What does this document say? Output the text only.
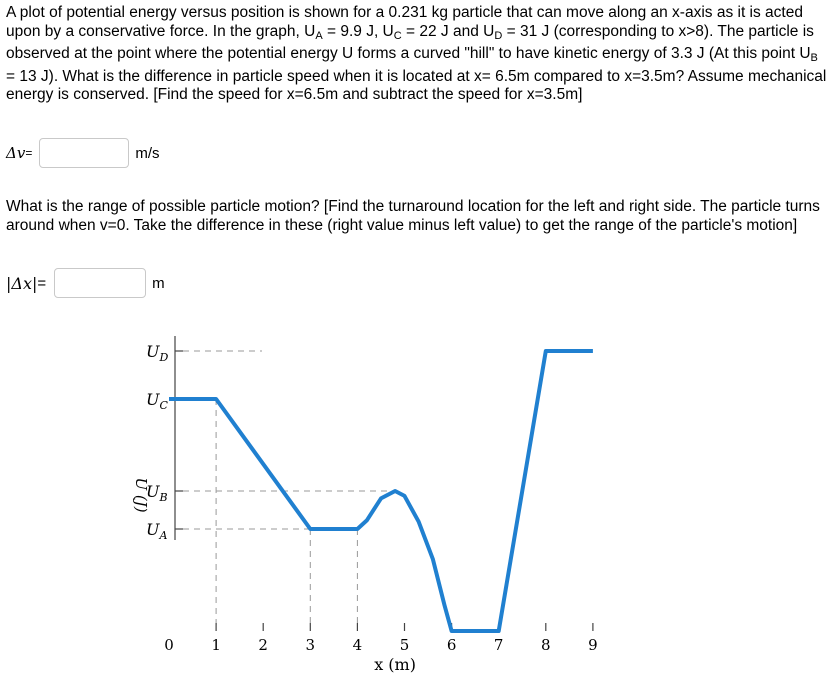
A plot of potential energy versus position is shown for a 0.231 kg particle that can move along an x-axis as it is acted upon by a conservative force. In the graph, $U_A = 9.9$ J, $U_C = 22$ J and $U_D = 31$ J (corresponding to x>8). The particle is observed at the point where the potential energy U forms a curved "hill" to have kinetic energy of 3.3 J (At this point $U_B = 13$ J). What is the difference in particle speed when it is located at x= 6.5m compared to x=3.5m? Assume mechanical energy is conserved. [Find the speed for x=6.5m and subtract the speed for x=3.5m]

Δv =	m/s

What is the range of possible particle motion? [Find the turnaround location for the left and right side. The particle turns around when v=0. Take the difference in these (right value minus left value) to get the range of the particle's motion]

|Δx| =	m
$U_D$
$U_C$
$U_B$
$U_A$
0	1	2	3	4	5	6	7	8	9
U (J)
x (m)
